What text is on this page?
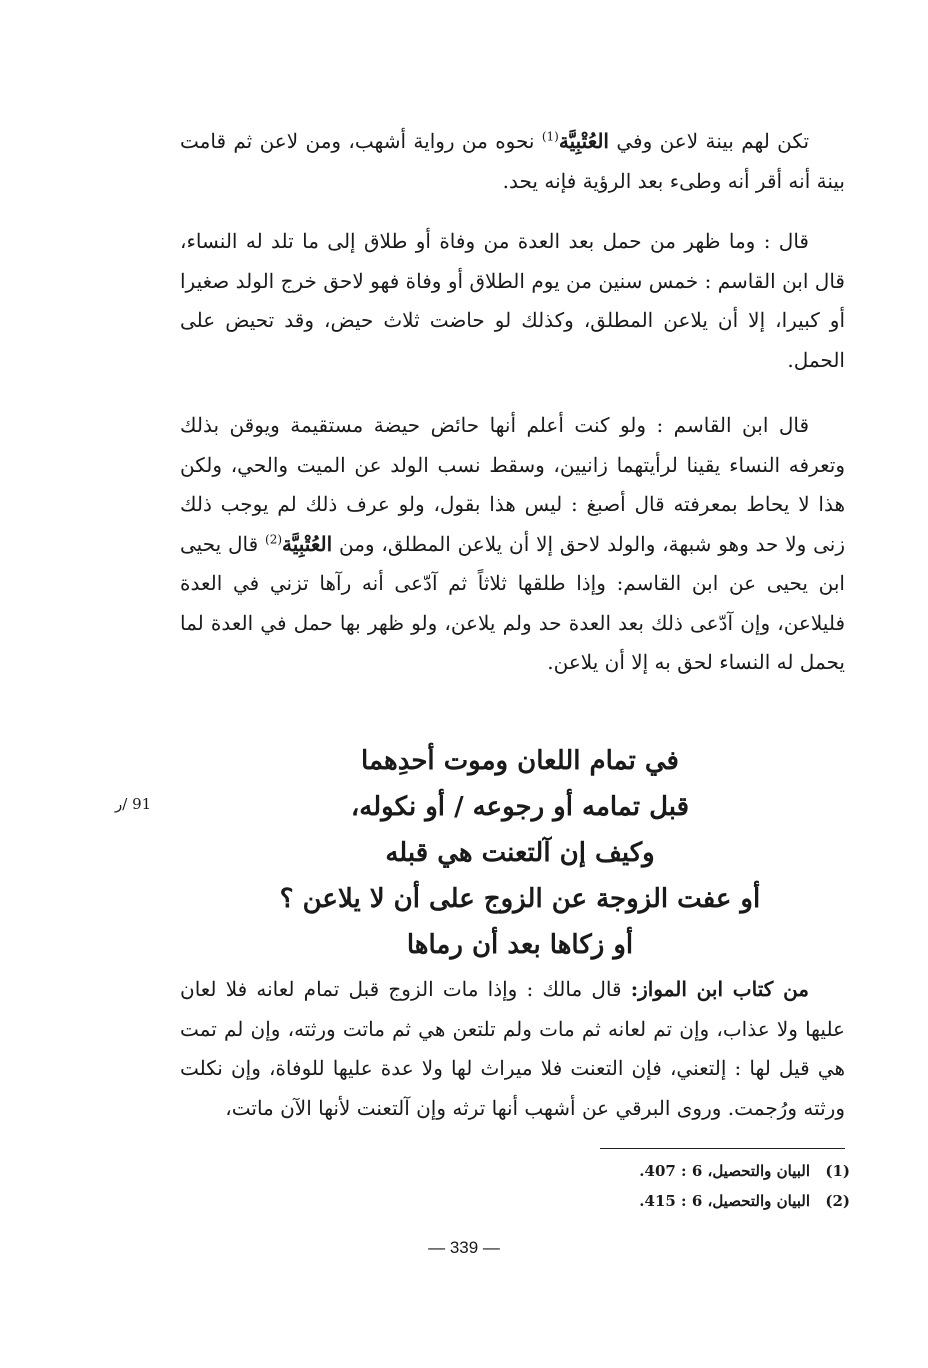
تكن لهم بينة لاعن وفي العُتْبِيَّة$^{(1)}$ نحوه من رواية أشهب، ومن لاعن ثم قامت بينة أنه أقر أنه وطىء بعد الرؤية فإنه يحد.

قال : وما ظهر من حمل بعد العدة من وفاة أو طلاق إلى ما تلد له النساء، قال ابن القاسم : خمس سنين من يوم الطلاق أو وفاة فهو لاحق خرج الولد صغيرا أو كبيرا، إلا أن يلاعن المطلق، وكذلك لو حاضت ثلاث حيض، وقد تحيض على الحمل.

قال ابن القاسم : ولو كنت أعلم أنها حائض حيضة مستقيمة ويوقن بذلك وتعرفه النساء يقينا لرأيتهما زانيين، وسقط نسب الولد عن الميت والحي، ولكن هذا لا يحاط بمعرفته قال أصبغ : ليس هذا بقول، ولو عرف ذلك لم يوجب ذلك زنى ولا حد وهو شبهة، والولد لاحق إلا أن يلاعن المطلق، ومن العُتْبِيَّة$^{(2)}$ قال يحيى ابن يحيى عن ابن القاسم: وإذا طلقها ثلاثاً ثم آدّعى أنه رآها تزني في العدة فليلاعن، وإن آدّعى ذلك بعد العدة حد ولم يلاعن، ولو ظهر بها حمل في العدة لما يحمل له النساء لحق به إلا أن يلاعن.

91 /ر
في تمام اللعان وموت أحدِهما
قبل تمامه أو رجوعه / أو نكوله،
وكيف إن آلتعنت هي قبله
أو عفت الزوجة عن الزوج على أن لا يلاعن ؟
أو زكاها بعد أن رماها

من كتاب ابن المواز: قال مالك : وإذا مات الزوج قبل تمام لعانه فلا لعان عليها ولا عذاب، وإن تم لعانه ثم مات ولم تلتعن هي ثم ماتت ورثته، وإن لم تمت هي قيل لها : إلتعني، فإن التعنت فلا ميراث لها ولا عدة عليها للوفاة، وإن نكلت ورثته ورُجمت. وروى البرقي عن أشهب أنها ترثه وإن آلتعنت لأنها الآن ماتت،

(1)
البيان والتحصيل، 6 : 407.
(2)
البيان والتحصيل، 6 : 415.
— 339 —
